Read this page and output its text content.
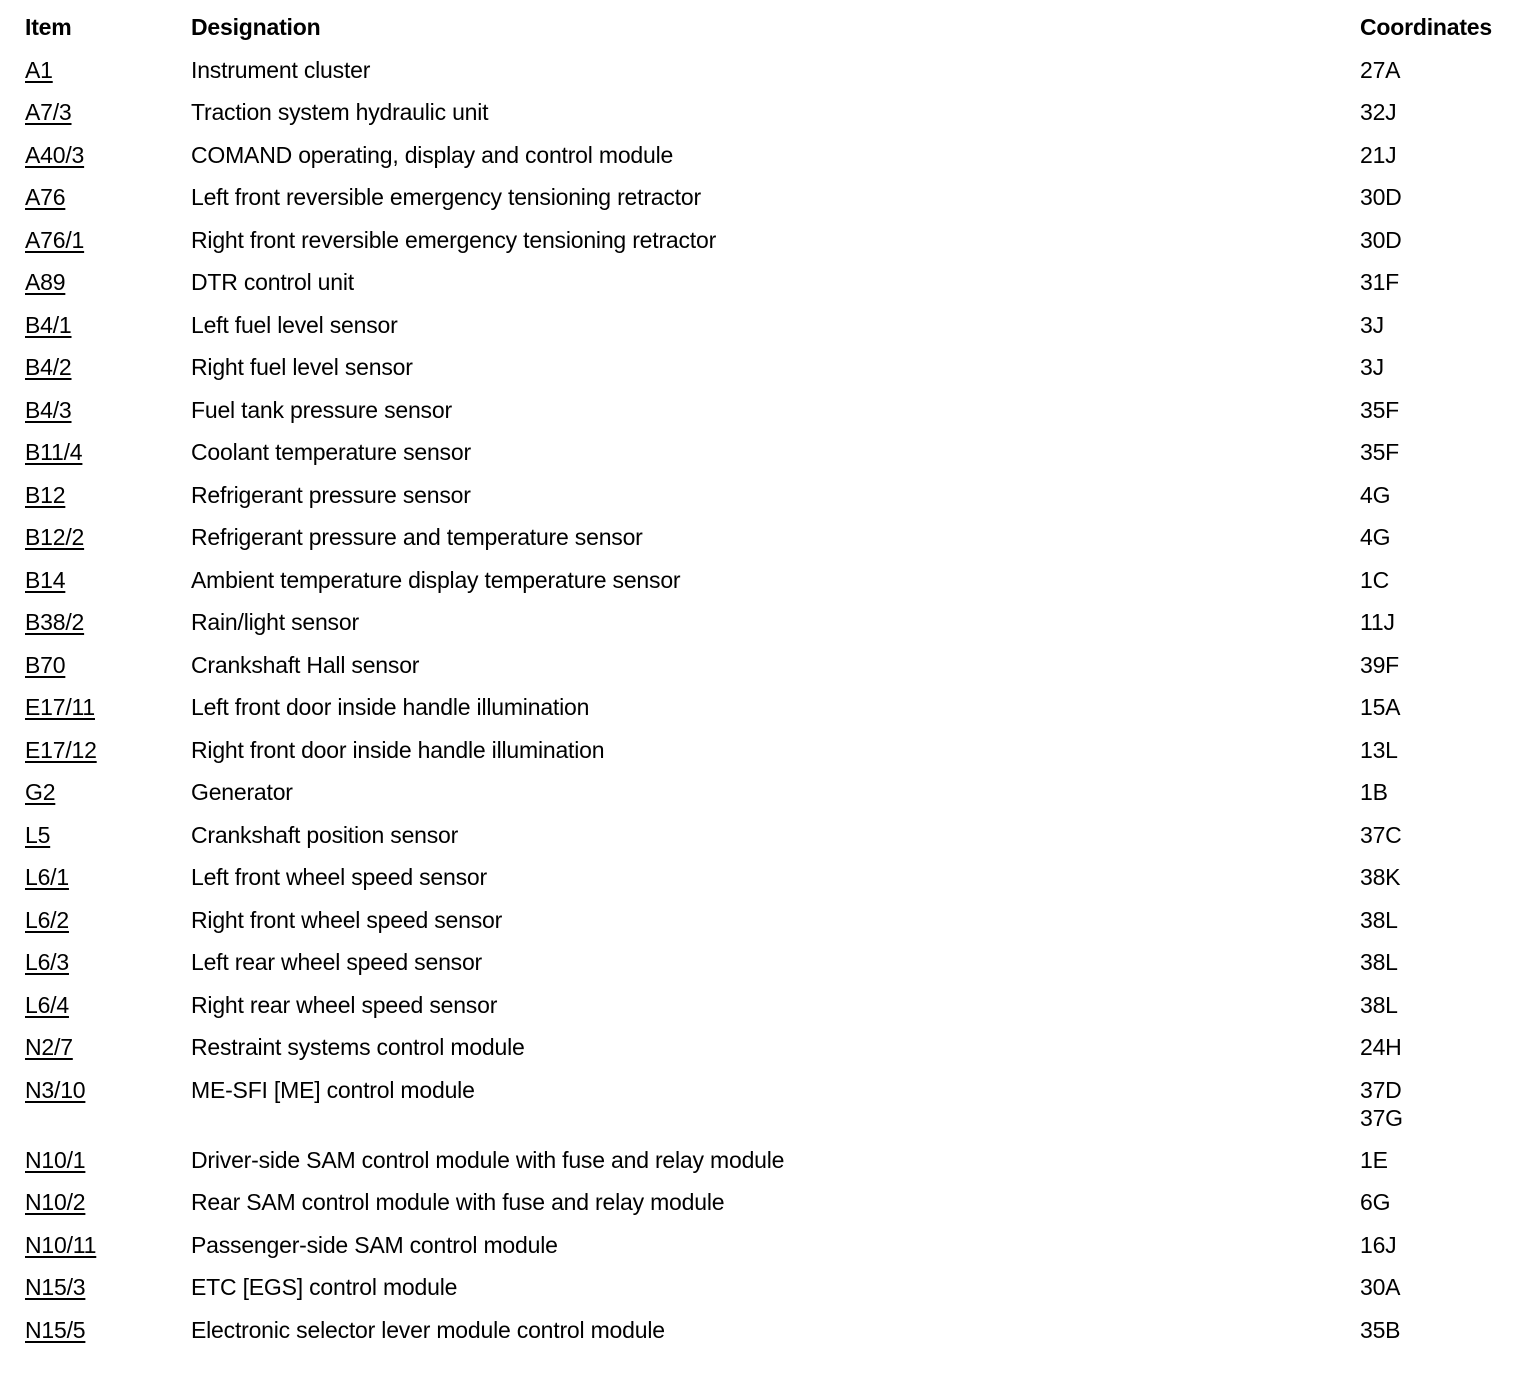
Item	Designation	Coordinates
A1	Instrument cluster	27A
A7/3	Traction system hydraulic unit	32J
A40/3	COMAND operating, display and control module	21J
A76	Left front reversible emergency tensioning retractor	30D
A76/1	Right front reversible emergency tensioning retractor	30D
A89	DTR control unit	31F
B4/1	Left fuel level sensor	3J
B4/2	Right fuel level sensor	3J
B4/3	Fuel tank pressure sensor	35F
B11/4	Coolant temperature sensor	35F
B12	Refrigerant pressure sensor	4G
B12/2	Refrigerant pressure and temperature sensor	4G
B14	Ambient temperature display temperature sensor	1C
B38/2	Rain/light sensor	11J
B70	Crankshaft Hall sensor	39F
E17/11	Left front door inside handle illumination	15A
E17/12	Right front door inside handle illumination	13L
G2	Generator	1B
L5	Crankshaft position sensor	37C
L6/1	Left front wheel speed sensor	38K
L6/2	Right front wheel speed sensor	38L
L6/3	Left rear wheel speed sensor	38L
L6/4	Right rear wheel speed sensor	38L
N2/7	Restraint systems control module	24H
N3/10	ME-SFI [ME] control module	37D
37G
N10/1	Driver-side SAM control module with fuse and relay module	1E
N10/2	Rear SAM control module with fuse and relay module	6G
N10/11	Passenger-side SAM control module	16J
N15/3	ETC [EGS] control module	30A
N15/5	Electronic selector lever module control module	35B
